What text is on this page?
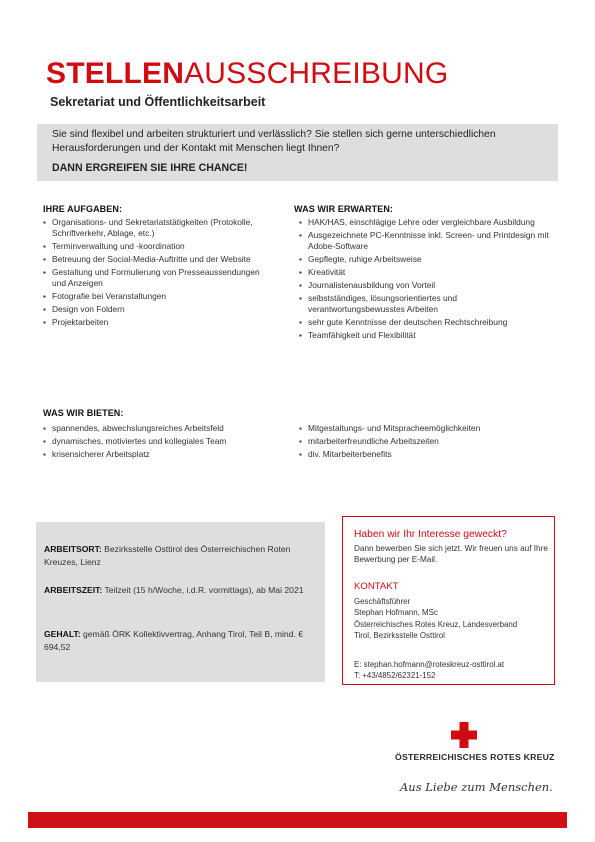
STELLENAUSSCHREIBUNG
Sekretariat und Öffentlichkeitsarbeit

Sie sind flexibel und arbeiten strukturiert und verlässlich? Sie stellen sich gerne unterschiedlichen Herausforderungen und der Kontakt mit Menschen liegt Ihnen?

DANN ERGREIFEN SIE IHRE CHANCE!

IHRE AUFGABEN:
▪ Organisations- und Sekretariatstätigkeiten (Protokolle, Schriftverkehr, Ablage, etc.)
▪ Terminverwaltung und -koordination
▪ Betreuung der Social-Media-Auftritte und der Website
▪ Gestaltung und Formulierung von Presseaussendungen und Anzeigen
▪ Fotografie bei Veranstaltungen
▪ Design von Foldern
▪ Projektarbeiten
WAS WIR ERWARTEN:
▪ HAK/HAS, einschlägige Lehre oder vergleichbare Ausbildung
▪ Ausgezeichnete PC-Kenntnisse inkl. Screen- und Printdesign mit Adobe-Software
▪ Gepflegte, ruhige Arbeitsweise
▪ Kreativität
▪ Journalistenausbildung von Vorteil
▪ selbstständiges, lösungsorientiertes und verantwortungsbewusstes Arbeiten
▪ sehr gute Kenntnisse der deutschen Rechtschreibung
▪ Teamfähigkeit und Flexibilität
WAS WIR BIETEN:
▪ spannendes, abwechslungsreiches Arbeitsfeld
▪ dynamisches, motiviertes und kollegiales Team
▪ krisensicherer Arbeitsplatz
▪ Mitgestaltungs- und Mitspracheemöglichkeiten
▪ mitarbeiterfreundliche Arbeitszeiten
▪ div. Mitarbeiterbenefits
ARBEITSORT: Bezirksstelle Osttirol des Österreichischen Roten Kreuzes, Lienz
ARBEITSZEIT: Teilzeit (15 h/Woche, i.d.R. vormittags), ab Mai 2021
GEHALT: gemäß ÖRK Kollektivvertrag, Anhang Tirol, Teil B, mind. € 694,52
Haben wir Ihr Interesse geweckt?
Dann bewerben Sie sich jetzt. Wir freuen uns auf Ihre Bewerbung per E-Mail.
KONTAKT
Geschäftsführer
Stephan Hofmann, MSc
Österreichisches Rotes Kreuz, Landesverband
Tirol, Bezirksstelle Osttirol
E: stephan.hofmann@roteskreuz-osttirol.at
T: +43/4852/62321-152
ÖSTERREICHISCHES ROTES KREUZ
Aus Liebe zum Menschen.
